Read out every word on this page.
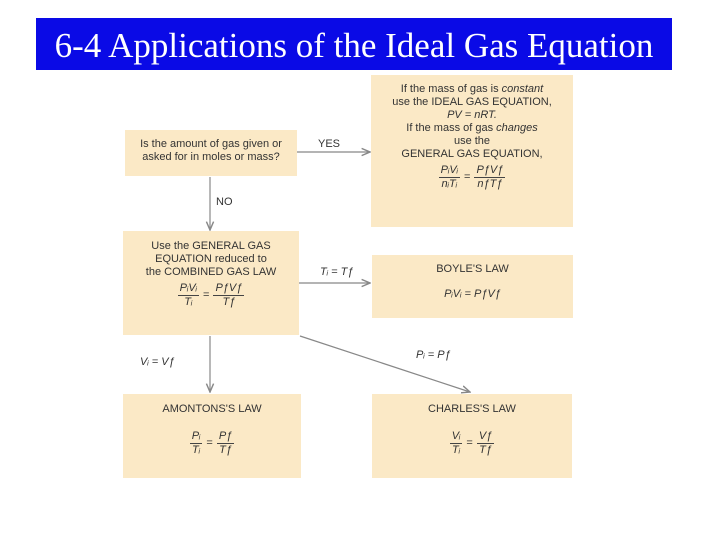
6-4 Applications of the Ideal Gas Equation
Is the amount of gas given or
asked for in moles or mass?
If the mass of gas is constant
use the IDEAL GAS EQUATION,
PV = nRT.
If the mass of gas changes
use the
GENERAL GAS EQUATION,
$\frac{\text{PᵢVᵢ}}{\text{nᵢTᵢ}} = \frac{\text{PƒVƒ}}{\text{nƒTƒ}}$
Use the GENERAL GAS
EQUATION reduced to
the COMBINED GAS LAW
$\frac{\text{PᵢVᵢ}}{\text{Tᵢ}} = \frac{\text{PƒVƒ}}{Tƒ}$
BOYLE'S LAW
PᵢVᵢ = PƒVƒ
AMONTONS'S LAW
$\frac{\text{Pᵢ}}{\text{Tᵢ}} = \frac{Pƒ}{Tƒ}$
CHARLES'S LAW
$\frac{\text{Vᵢ}}{\text{Tᵢ}} = \frac{Vƒ}{Tƒ}$
YES
NO
Tᵢ = Tƒ
Vᵢ = Vƒ
Pᵢ = Pƒ
